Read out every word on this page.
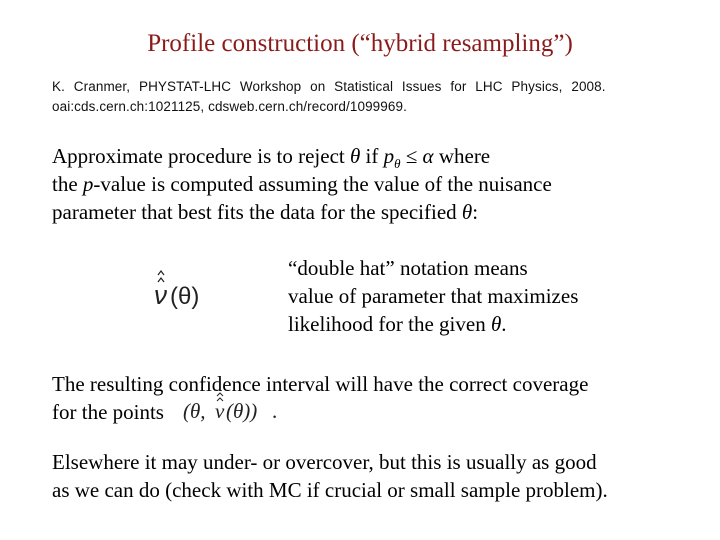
Profile construction (“hybrid resampling”)
K. Cranmer, PHYSTAT-LHC Workshop on Statistical Issues for LHC Physics, 2008.
oai:cds.cern.ch:1021125, cdsweb.cern.ch/record/1099969.
Approximate procedure is to reject θ if $p_\theta \le \alpha$ where
the p-value is computed assuming the value of the nuisance
parameter that best fits the data for the specified θ:
ν (θ)
“double hat” notation means
value of parameter that maximizes
likelihood for the given θ.
The resulting confidence interval will have the correct coverage
for the points (θ, ν (θ)) .
Elsewhere it may under- or overcover, but this is usually as good
as we can do (check with MC if crucial or small sample problem).
